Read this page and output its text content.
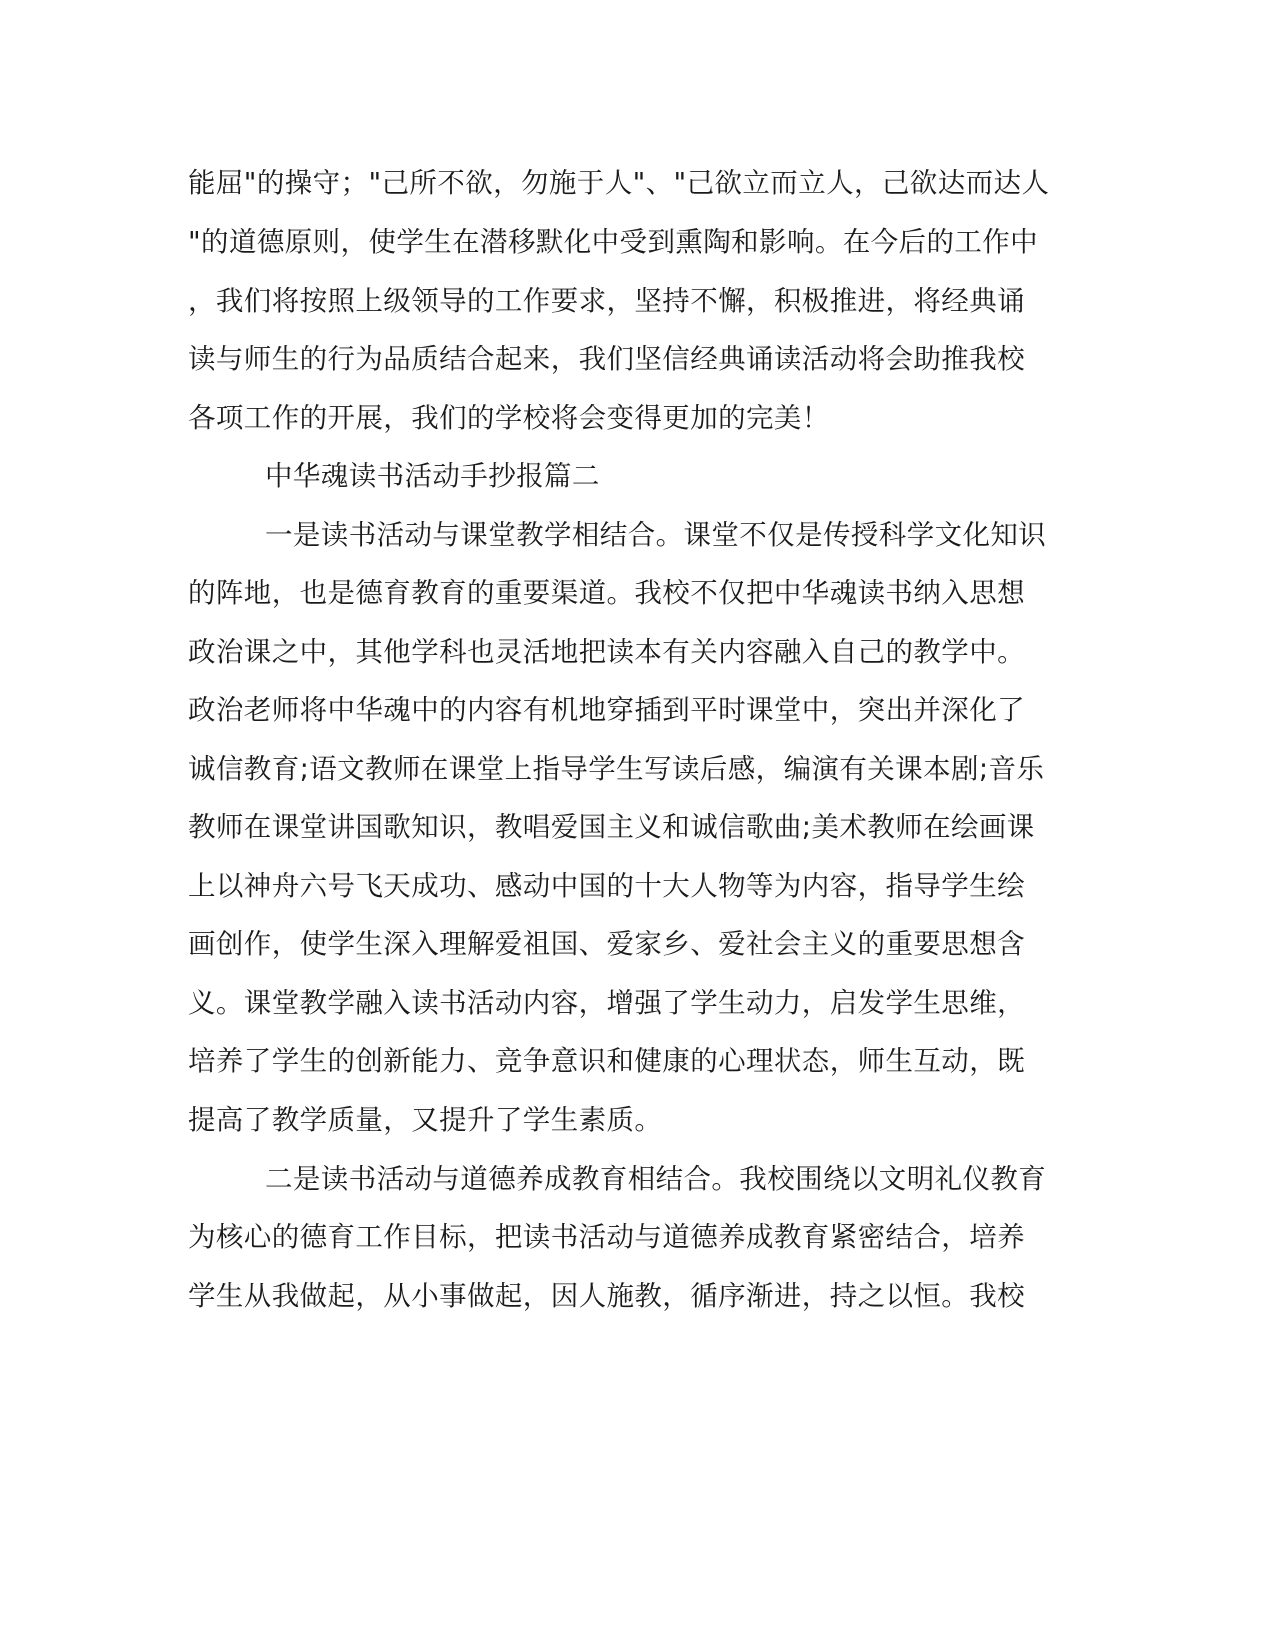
能屈"的操守；"己所不欲，勿施于人"、"己欲立而立人，己欲达而达人
"的道德原则，使学生在潜移默化中受到熏陶和影响。在今后的工作中
，我们将按照上级领导的工作要求，坚持不懈，积极推进，将经典诵
读与师生的行为品质结合起来，我们坚信经典诵读活动将会助推我校
各项工作的开展，我们的学校将会变得更加的完美！
中华魂读书活动手抄报篇二
一是读书活动与课堂教学相结合。课堂不仅是传授科学文化知识
的阵地，也是德育教育的重要渠道。我校不仅把中华魂读书纳入思想
政治课之中，其他学科也灵活地把读本有关内容融入自己的教学中。
政治老师将中华魂中的内容有机地穿插到平时课堂中，突出并深化了
诚信教育;语文教师在课堂上指导学生写读后感，编演有关课本剧;音乐
教师在课堂讲国歌知识，教唱爱国主义和诚信歌曲;美术教师在绘画课
上以神舟六号飞天成功、感动中国的十大人物等为内容，指导学生绘
画创作，使学生深入理解爱祖国、爱家乡、爱社会主义的重要思想含
义。课堂教学融入读书活动内容，增强了学生动力，启发学生思维，
培养了学生的创新能力、竞争意识和健康的心理状态，师生互动，既
提高了教学质量，又提升了学生素质。
二是读书活动与道德养成教育相结合。我校围绕以文明礼仪教育
为核心的德育工作目标，把读书活动与道德养成教育紧密结合，培养
学生从我做起，从小事做起，因人施教，循序渐进，持之以恒。我校
